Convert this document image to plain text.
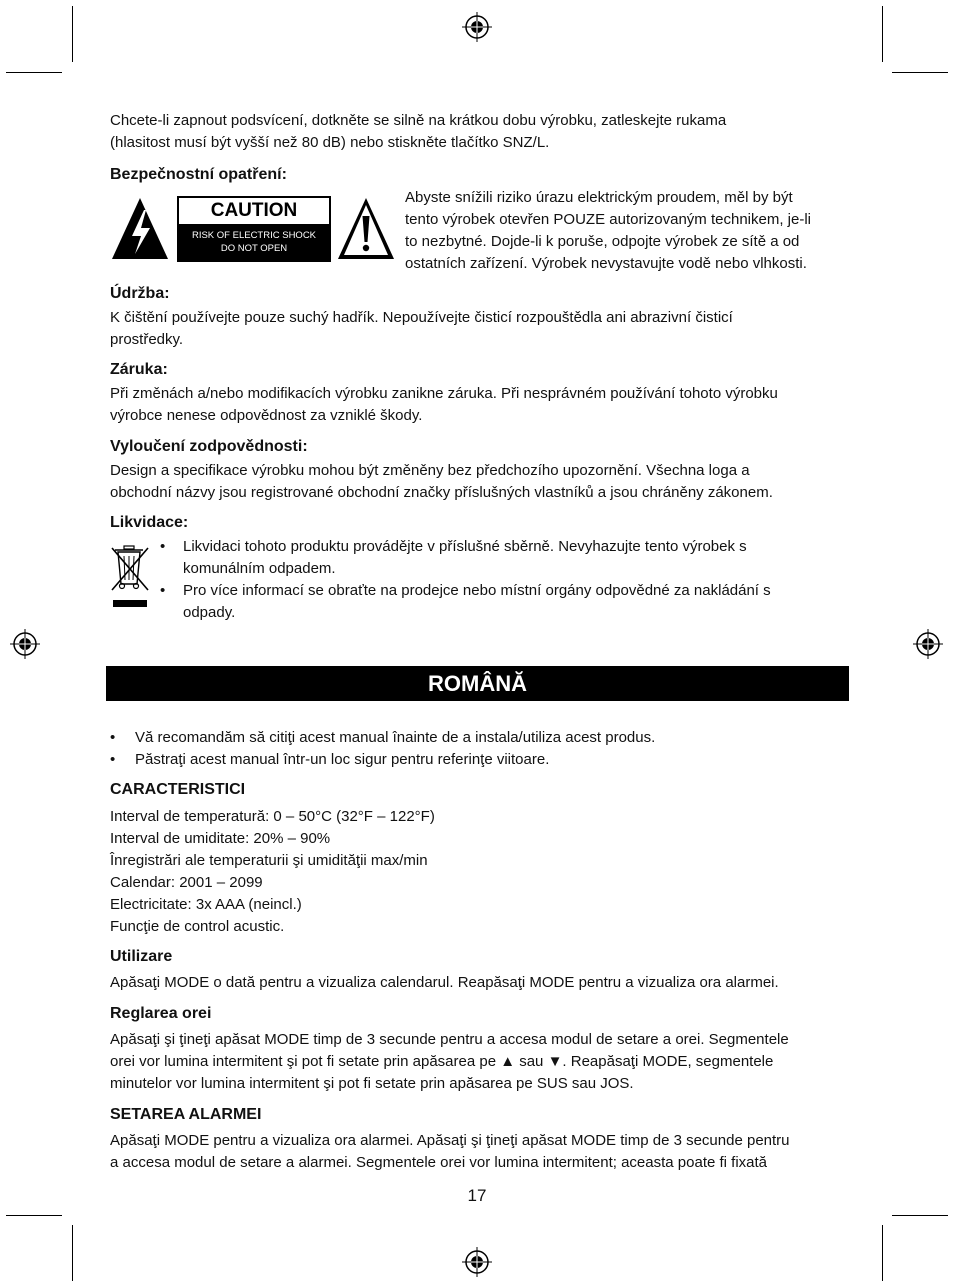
Chcete-li zapnout podsvícení, dotkněte se silně na krátkou dobu výrobku, zatleskejte rukama
(hlasitost musí být vyšší než 80 dB) nebo stiskněte tlačítko SNZ/L.
Bezpečnostní opatření:
CAUTION
RISK OF ELECTRIC SHOCK
DO NOT OPEN
Abyste snížili riziko úrazu elektrickým proudem, měl by být
tento výrobek otevřen POUZE autorizovaným technikem, je-li
to nezbytné. Dojde-li k poruše, odpojte výrobek ze sítě a od
ostatních zařízení. Výrobek nevystavujte vodě nebo vlhkosti.
Údržba:
K čištění používejte pouze suchý hadřík. Nepoužívejte čisticí rozpouštědla ani abrazivní čisticí
prostředky.
Záruka:
Při změnách a/nebo modifikacích výrobku zanikne záruka. Při nesprávném používání tohoto výrobku
výrobce nenese odpovědnost za vzniklé škody.
Vyloučení zodpovědnosti:
Design a specifikace výrobku mohou být změněny bez předchozího upozornění. Všechna loga a
obchodní názvy jsou registrované obchodní značky příslušných vlastníků a jsou chráněny zákonem.
Likvidace:
• Likvidaci tohoto produktu provádějte v příslušné sběrně. Nevyhazujte tento výrobek s
komunálním odpadem.
• Pro více informací se obraťte na prodejce nebo místní orgány odpovědné za nakládání s
odpady.
ROMÂNĂ
• Vă recomandăm să citiţi acest manual înainte de a instala/utiliza acest produs.
• Păstraţi acest manual într-un loc sigur pentru referinţe viitoare.
CARACTERISTICI
Interval de temperatură: 0 – 50°C (32°F – 122°F)
Interval de umiditate: 20% – 90%
Înregistrări ale temperaturii şi umidităţii max/min
Calendar: 2001 – 2099
Electricitate: 3x AAA (neincl.)
Funcţie de control acustic.
Utilizare
Apăsaţi MODE o dată pentru a vizualiza calendarul. Reapăsaţi MODE pentru a vizualiza ora alarmei.
Reglarea orei
Apăsaţi şi ţineţi apăsat MODE timp de 3 secunde pentru a accesa modul de setare a orei. Segmentele
orei vor lumina intermitent şi pot fi setate prin apăsarea pe ▲ sau ▼. Reapăsaţi MODE, segmentele
minutelor vor lumina intermitent şi pot fi setate prin apăsarea pe SUS sau JOS.
SETAREA ALARMEI
Apăsaţi MODE pentru a vizualiza ora alarmei. Apăsaţi şi ţineţi apăsat MODE timp de 3 secunde pentru
a accesa modul de setare a alarmei. Segmentele orei vor lumina intermitent; aceasta poate fi fixată
17
